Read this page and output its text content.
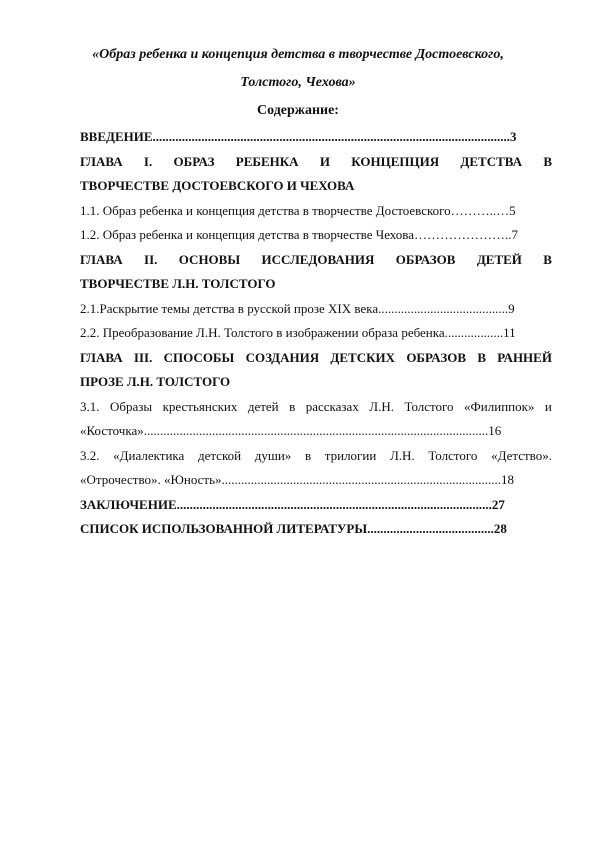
«Образ ребенка и концепция детства в творчестве Достоевского,
Толстого, Чехова»
Содержание:
ВВЕДЕНИЕ..............................................................................................................3
ГЛАВА I. ОБРАЗ РЕБЕНКА И КОНЦЕПЦИЯ ДЕТСТВА В
ТВОРЧЕСТВЕ ДОСТОЕВСКОГО И ЧЕХОВА
1.1. Образ ребенка и концепция детства в творчестве Достоевского………..…5
1.2. Образ ребенка и концепция детства в творчестве Чехова…………………..7
ГЛАВА II. ОСНОВЫ ИССЛЕДОВАНИЯ ОБРАЗОВ ДЕТЕЙ В
ТВОРЧЕСТВЕ Л.Н. ТОЛСТОГО
2.1.Раскрытие темы детства в русской прозе XIX века........................................9
2.2. Преобразование Л.Н. Толстого в изображении образа ребенка..................11
ГЛАВА III. СПОСОБЫ СОЗДАНИЯ ДЕТСКИХ ОБРАЗОВ В РАННЕЙ
ПРОЗЕ Л.Н. ТОЛСТОГО
3.1. Образы крестьянских детей в рассказах Л.Н. Толстого «Филиппок» и
«Косточка»..........................................................................................................16
3.2. «Диалектика детской души» в трилогии Л.Н. Толстого «Детство».
«Отрочество». «Юность»......................................................................................18
ЗАКЛЮЧЕНИЕ.................................................................................................27
СПИСОК ИСПОЛЬЗОВАННОЙ ЛИТЕРАТУРЫ.......................................28
